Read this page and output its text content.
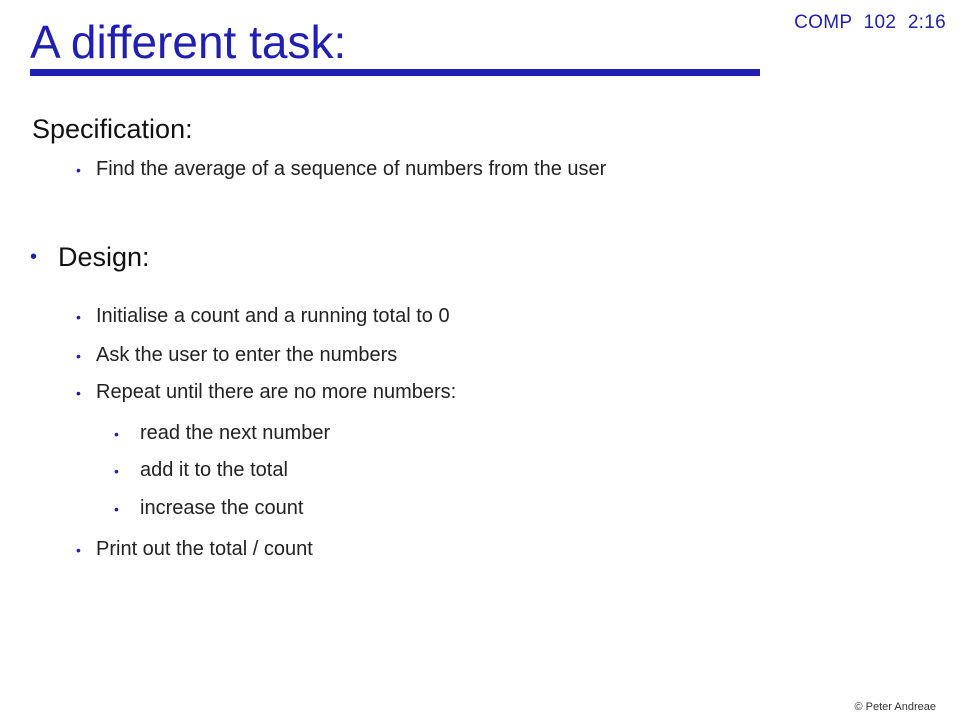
COMP 102 2:16
A different task:
Specification:
• Find the average of a sequence of numbers from the user
• Design:
• Initialise a count and a running total to 0
• Ask the user to enter the numbers
• Repeat until there are no more numbers:
•	read the next number
•	add it to the total
•	increase the count
• Print out the total / count
© Peter Andreae
